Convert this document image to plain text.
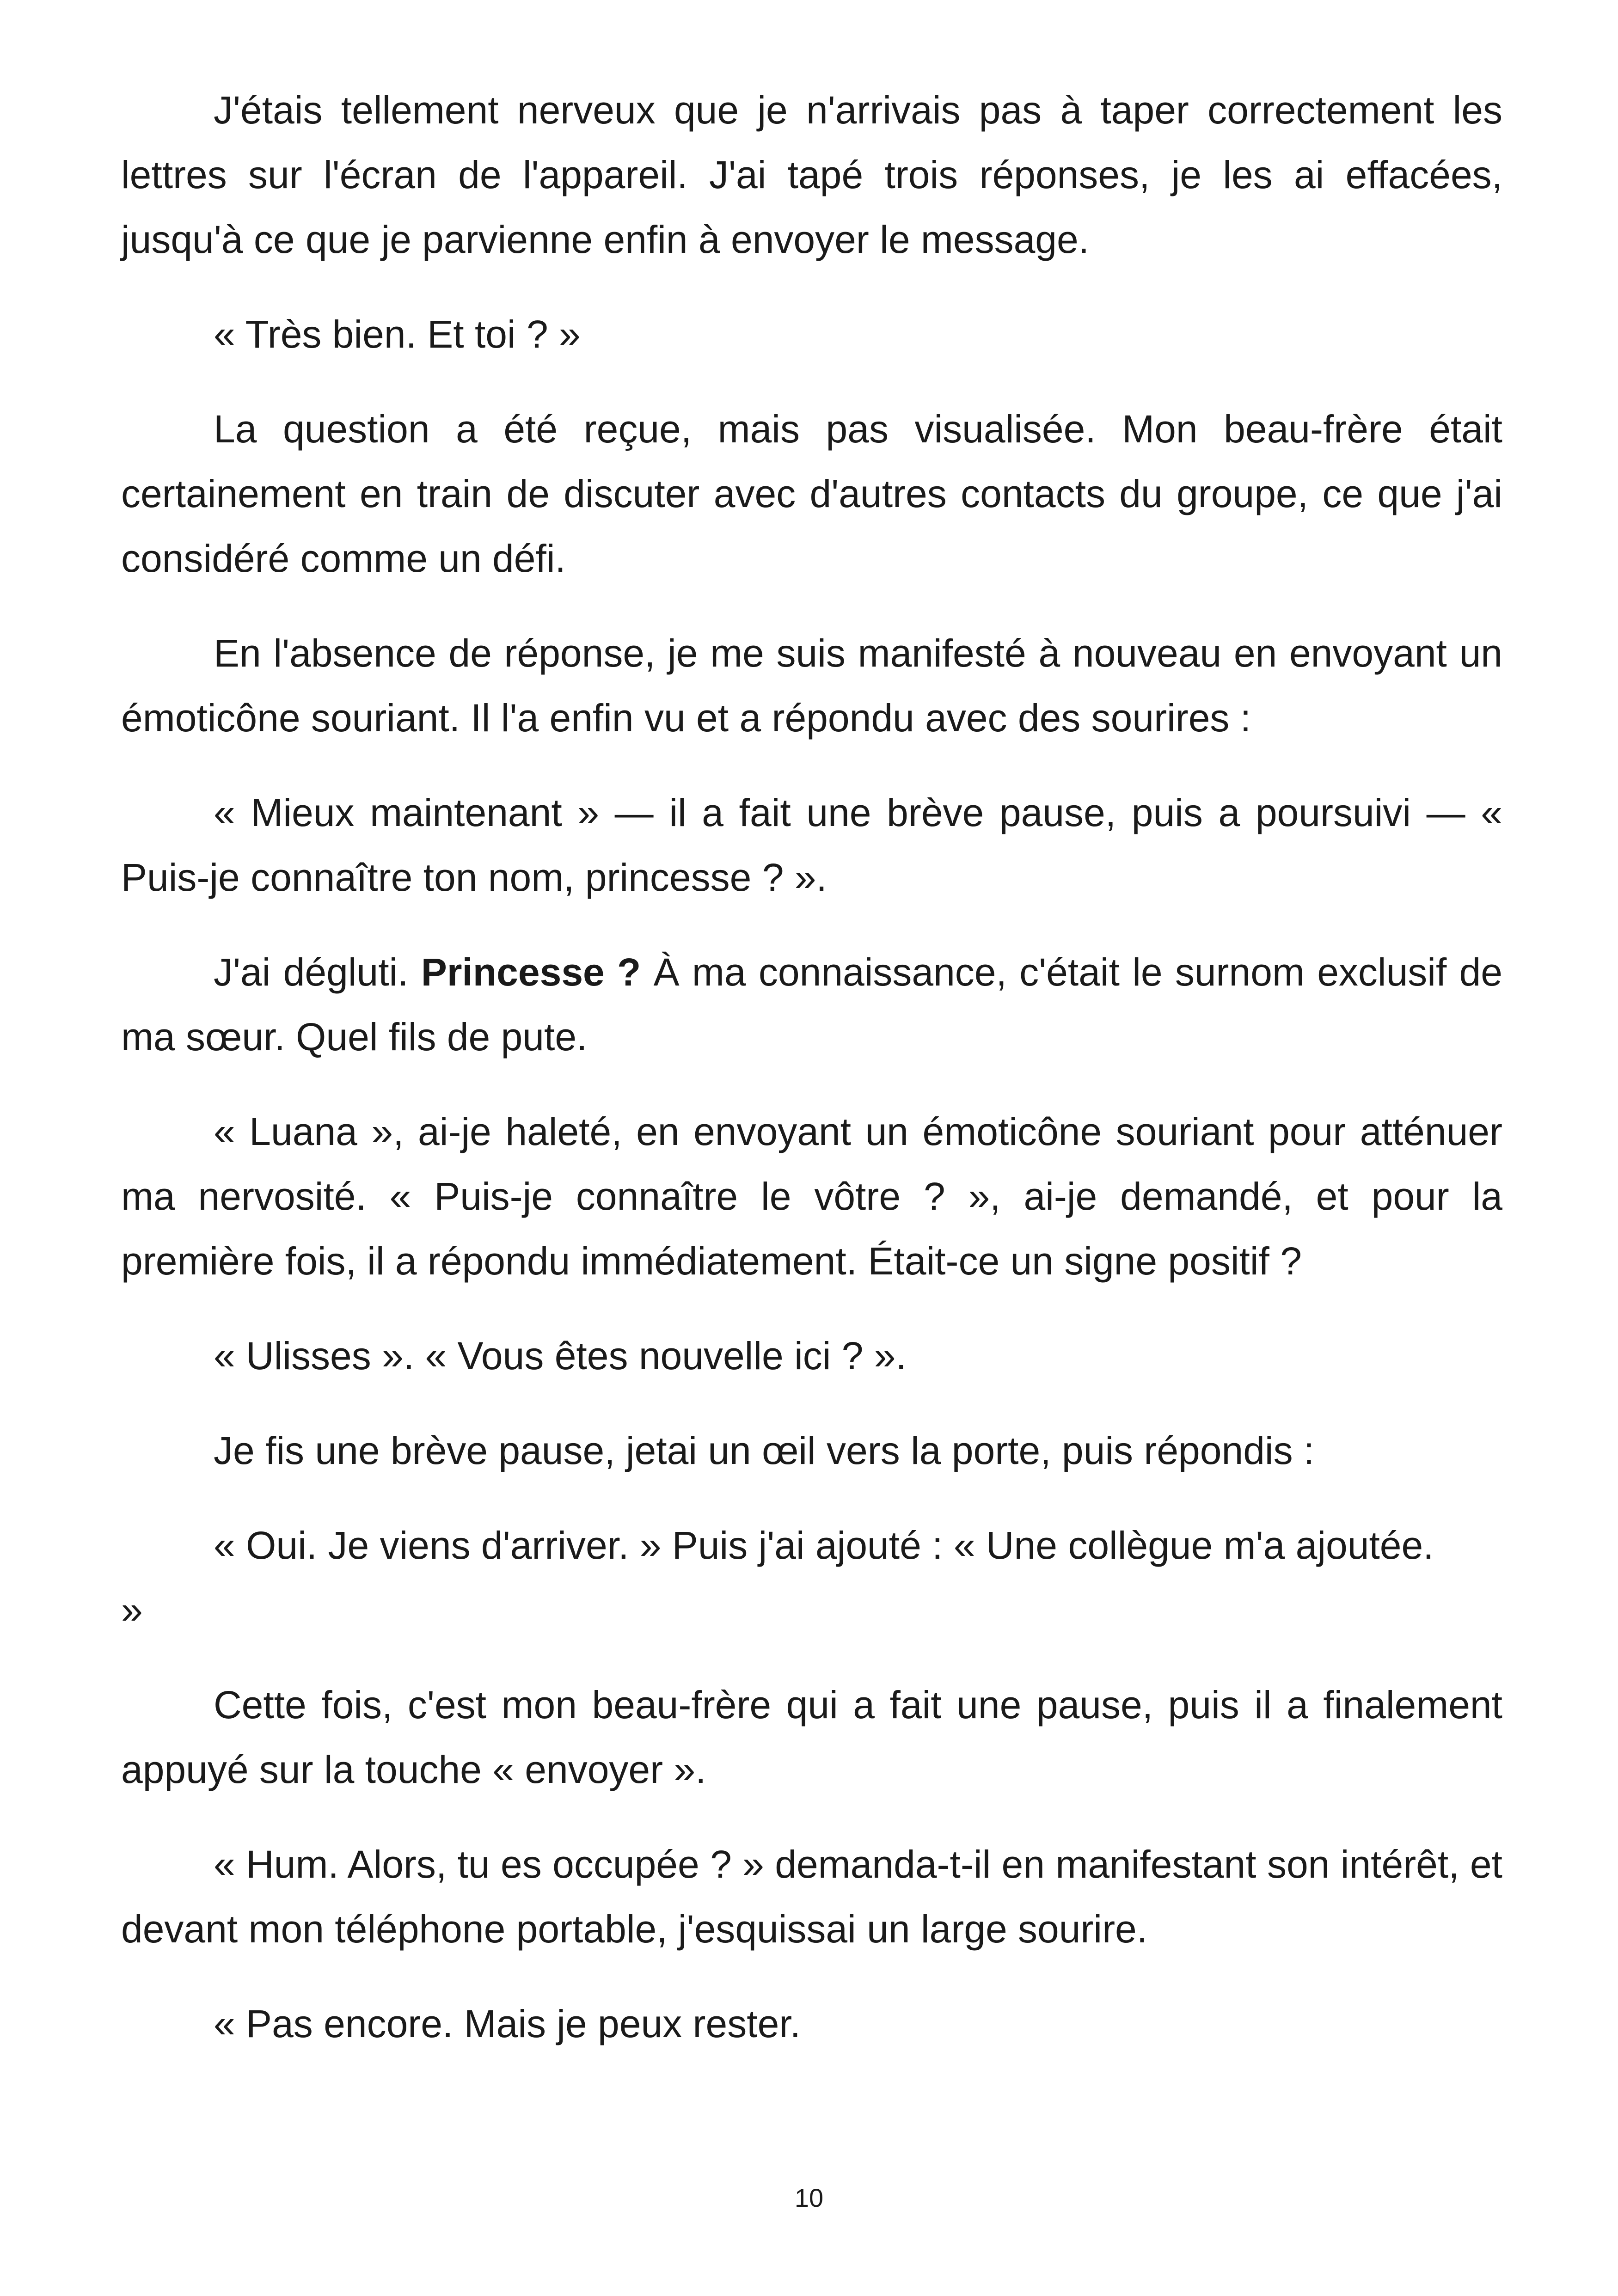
J'étais tellement nerveux que je n'arrivais pas à taper correctement les lettres sur l'écran de l'appareil. J'ai tapé trois réponses, je les ai effacées, jusqu'à ce que je parvienne enfin à envoyer le message.

« Très bien. Et toi ? »

La question a été reçue, mais pas visualisée. Mon beau-frère était certainement en train de discuter avec d'autres contacts du groupe, ce que j'ai considéré comme un défi.

En l'absence de réponse, je me suis manifesté à nouveau en envoyant un émoticône souriant. Il l'a enfin vu et a répondu avec des sourires :

« Mieux maintenant » — il a fait une brève pause, puis a poursuivi — « Puis-je connaître ton nom, princesse ? ».

J'ai dégluti. Princesse ? À ma connaissance, c'était le surnom exclusif de ma sœur. Quel fils de pute.

« Luana », ai-je haleté, en envoyant un émoticône souriant pour atténuer ma nervosité. « Puis-je connaître le vôtre ? », ai-je demandé, et pour la première fois, il a répondu immédiatement. Était-ce un signe positif ?

« Ulisses ». « Vous êtes nouvelle ici ? ».

Je fis une brève pause, jetai un œil vers la porte, puis répondis :

« Oui. Je viens d'arriver. » Puis j'ai ajouté : « Une collègue m'a ajoutée.
»

Cette fois, c'est mon beau-frère qui a fait une pause, puis il a finalement appuyé sur la touche « envoyer ».

« Hum. Alors, tu es occupée ? » demanda-t-il en manifestant son intérêt, et devant mon téléphone portable, j'esquissai un large sourire.

« Pas encore. Mais je peux rester.

10
